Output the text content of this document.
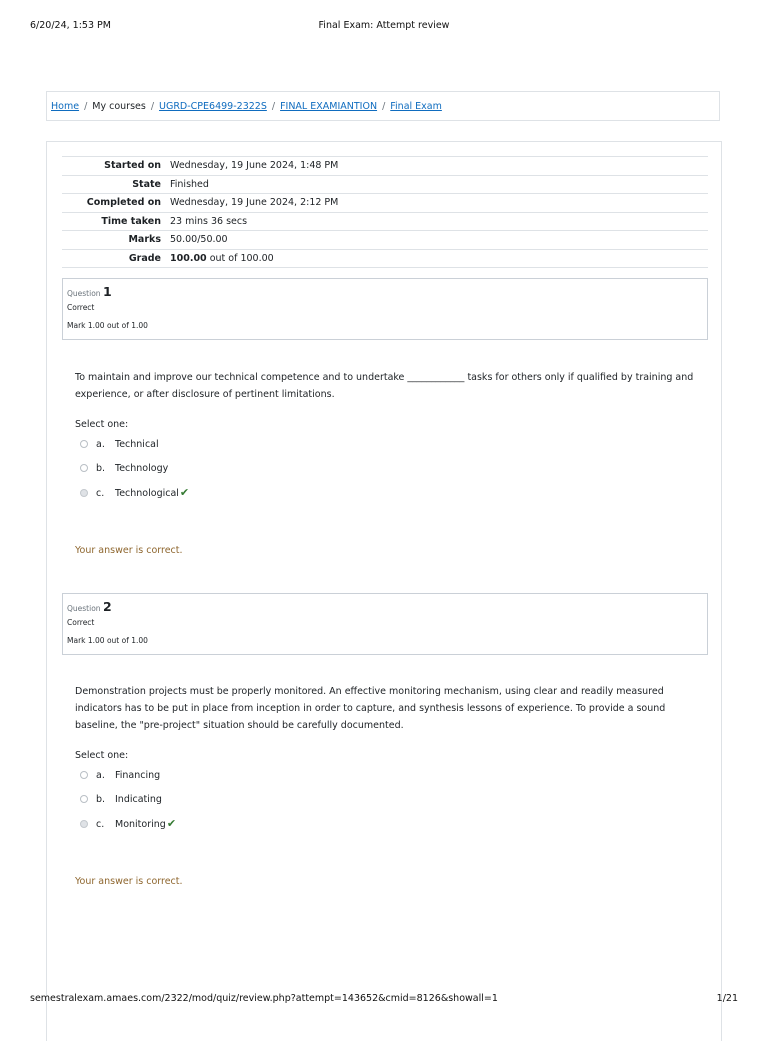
6/20/24, 1:53 PM	Final Exam: Attempt review
Home / My courses / UGRD-CPE6499-2322S / FINAL EXAMIANTION / Final Exam
Started on	Wednesday, 19 June 2024, 1:48 PM
State	Finished
Completed on	Wednesday, 19 June 2024, 2:12 PM
Time taken	23 mins 36 secs
Marks	50.00/50.00
Grade	100.00 out of 100.00
Question 1
Correct
Mark 1.00 out of 1.00
To maintain and improve our technical competence and to undertake ____________ tasks for others only if qualified by training and experience, or after disclosure of pertinent limitations.
Select one:
a. Technical
b. Technology
c. Technological✔
Your answer is correct.
Question 2
Correct
Mark 1.00 out of 1.00
Demonstration projects must be properly monitored. An effective monitoring mechanism, using clear and readily measured indicators has to be put in place from inception in order to capture, and synthesis lessons of experience. To provide a sound baseline, the "pre-project" situation should be carefully documented.
Select one:
a. Financing
b. Indicating
c. Monitoring✔
Your answer is correct.
semestralexam.amaes.com/2322/mod/quiz/review.php?attempt=143652&cmid=8126&showall=1	1/21
